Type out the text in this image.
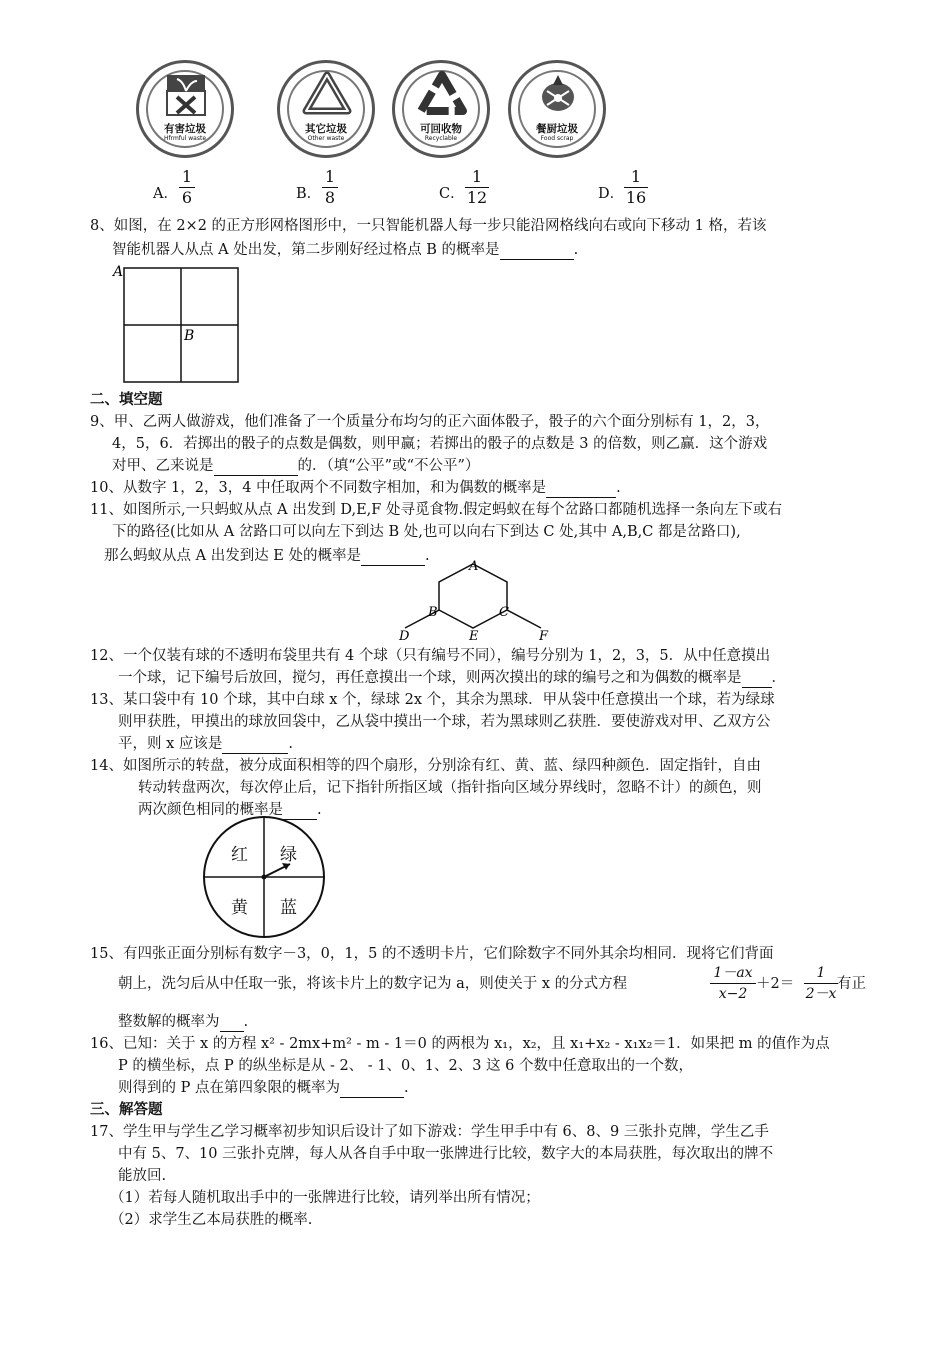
有害垃圾
Hfrmful waste
其它垃圾
Other waste
可回收物
Recyclable
餐厨垃圾
Food scrap
A．
1
6	B．
1
8	C．
1
12	D．
1
16
8、如图，在 2×2 的正方形网格图形中，一只智能机器人每一步只能沿网格线向右或向下移动 1 格，若该
智能机器人从点 A 处出发，第二步刚好经过格点 B 的概率是	.
A
B
二、填空题
9、甲、乙两人做游戏，他们准备了一个质量分布均匀的正六面体骰子，骰子的六个面分别标有 1，2，3，
4，5，6．若掷出的骰子的点数是偶数，则甲赢；若掷出的骰子的点数是 3 的倍数，则乙赢．这个游戏
对甲、乙来说是	的．（填“公平”或“不公平”）
10、从数字 1，2，3，4 中任取两个不同数字相加，和为偶数的概率是	.
11、如图所示,一只蚂蚁从点 A 出发到 D,E,F 处寻觅食物.假定蚂蚁在每个岔路口都随机选择一条向左下或右
下的路径(比如从 A 岔路口可以向左下到达 B 处,也可以向右下到达 C 处,其中 A,B,C 都是岔路口),
那么蚂蚁从点 A 出发到达 E 处的概率是	.
A
B	C
D	E	F
12、一个仅装有球的不透明布袋里共有 4 个球（只有编号不同），编号分别为 1，2，3，5．从中任意摸出
一个球，记下编号后放回，搅匀，再任意摸出一个球，则两次摸出的球的编号之和为偶数的概率是 ．
13、某口袋中有 10 个球，其中白球 x 个，绿球 2x 个，其余为黑球．甲从袋中任意摸出一个球，若为绿球
则甲获胜，甲摸出的球放回袋中，乙从袋中摸出一个球，若为黑球则乙获胜．要使游戏对甲、乙双方公
平，则 x 应该是	.
14、如图所示的转盘，被分成面积相等的四个扇形，分别涂有红、黄、蓝、绿四种颜色．固定指针，自由
转动转盘两次，每次停止后，记下指针所指区域（指针指向区域分界线时，忽略不计）的颜色，则
两次颜色相同的概率是 .
红 绿
黄 蓝
15、有四张正面分别标有数字－3，0，1，5 的不透明卡片，它们除数字不同外其余均相同．现将它们背面
朝上，洗匀后从中任取一张，将该卡片上的数字记为 a，则使关于 x 的分式方程
1－ax
x−2
＋2＝
1
2－x
有正
整数解的概率为 .
16、已知：关于 x 的方程 x² - 2mx+m² - m - 1＝0 的两根为 x₁，x₂，且 x₁+x₂ - x₁x₂＝1．如果把 m 的值作为点
P 的横坐标，点 P 的纵坐标是从 - 2、 - 1、0、1、2、3 这 6 个数中任意取出的一个数，
则得到的 P 点在第四象限的概率为	.
三、解答题
17、学生甲与学生乙学习概率初步知识后设计了如下游戏：学生甲手中有 6、8、9 三张扑克牌，学生乙手
中有 5、7、10 三张扑克牌，每人从各自手中取一张牌进行比较，数字大的本局获胜，每次取出的牌不
能放回.
（1）若每人随机取出手中的一张牌进行比较，请列举出所有情况；
（2）求学生乙本局获胜的概率.
